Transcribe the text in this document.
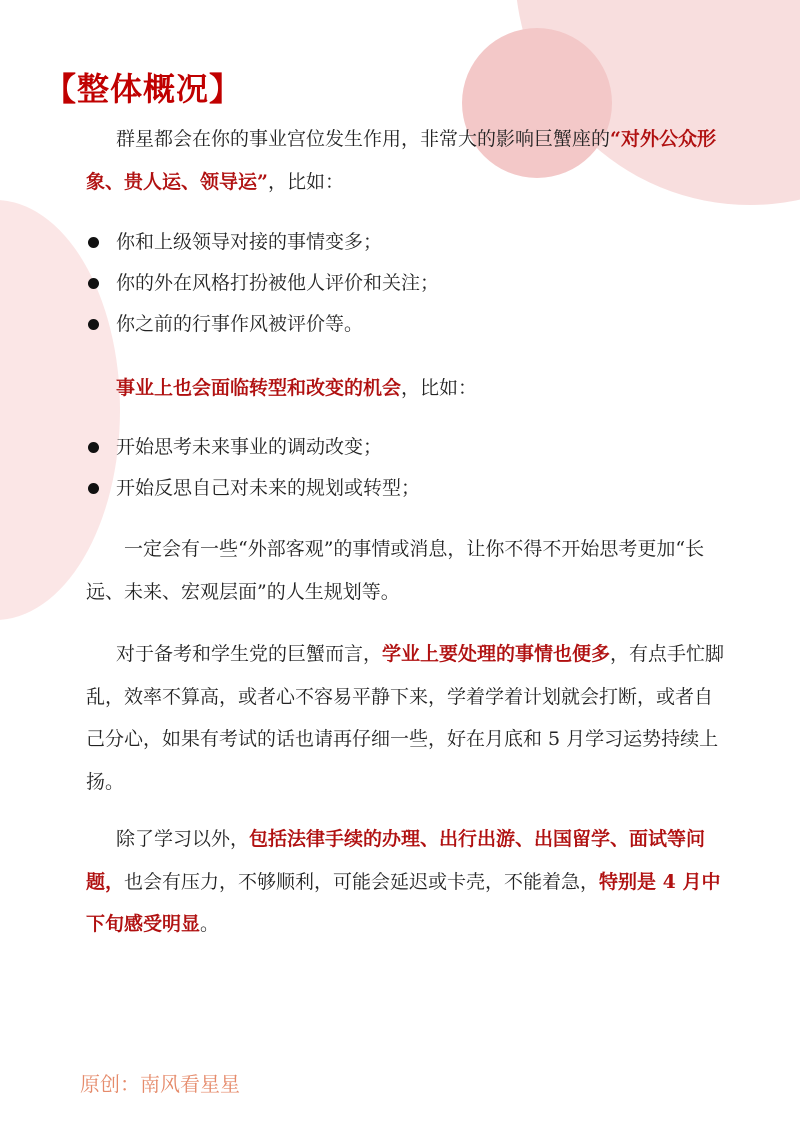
【整体概况】

群星都会在你的事业宫位发生作用，非常大的影响巨蟹座的“对外公众形象、贵人运、领导运”，比如：

你和上级领导对接的事情变多；
你的外在风格打扮被他人评价和关注；
你之前的行事作风被评价等。

事业上也会面临转型和改变的机会，比如：

开始思考未来事业的调动改变；
开始反思自己对未来的规划或转型；

一定会有一些“外部客观”的事情或消息，让你不得不开始思考更加“长远、未来、宏观层面”的人生规划等。

对于备考和学生党的巨蟹而言，学业上要处理的事情也便多，有点手忙脚乱，效率不算高，或者心不容易平静下来，学着学着计划就会打断，或者自己分心，如果有考试的话也请再仔细一些，好在月底和 5 月学习运势持续上扬。

除了学习以外，包括法律手续的办理、出行出游、出国留学、面试等问题，也会有压力，不够顺利，可能会延迟或卡壳，不能着急，特别是 4 月中下旬感受明显。

原创：南风看星星
